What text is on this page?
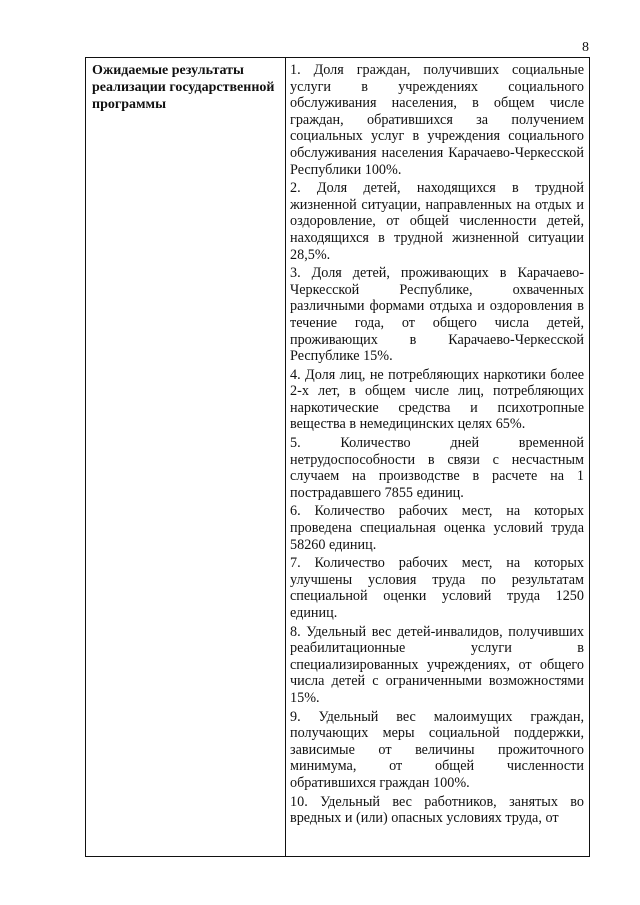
8
Ожидаемые результаты реализации государственной программы

1. Доля граждан, получивших социальные услуги в учреждениях социального обслуживания населения, в общем числе граждан, обратившихся за получением социальных услуг в учреждения социального обслуживания населения Карачаево-Черкесской Республики 100%.

2. Доля детей, находящихся в трудной жизненной ситуации, направленных на отдых и оздоровление, от общей численности детей, находящихся в трудной жизненной ситуации 28,5%.

3. Доля детей, проживающих в Карачаево-Черкесской Республике, охваченных различными формами отдыха и оздоровления в течение года, от общего числа детей, проживающих в Карачаево-Черкесской Республике 15%.

4. Доля лиц, не потребляющих наркотики более 2-х лет, в общем числе лиц, потребляющих наркотические средства и психотропные вещества в немедицинских целях 65%.

5. Количество дней временной нетрудоспособности в связи с несчастным случаем на производстве в расчете на 1 пострадавшего 7855 единиц.

6. Количество рабочих мест, на которых проведена специальная оценка условий труда 58260 единиц.

7. Количество рабочих мест, на которых улучшены условия труда по результатам специальной оценки условий труда 1250 единиц.

8. Удельный вес детей-инвалидов, получивших реабилитационные услуги в специализированных учреждениях, от общего числа детей с ограниченными возможностями 15%.

9. Удельный вес малоимущих граждан, получающих меры социальной поддержки, зависимые от величины прожиточного минимума, от общей численности обратившихся граждан 100%.

10. Удельный вес работников, занятых во вредных и (или) опасных условиях труда, от
